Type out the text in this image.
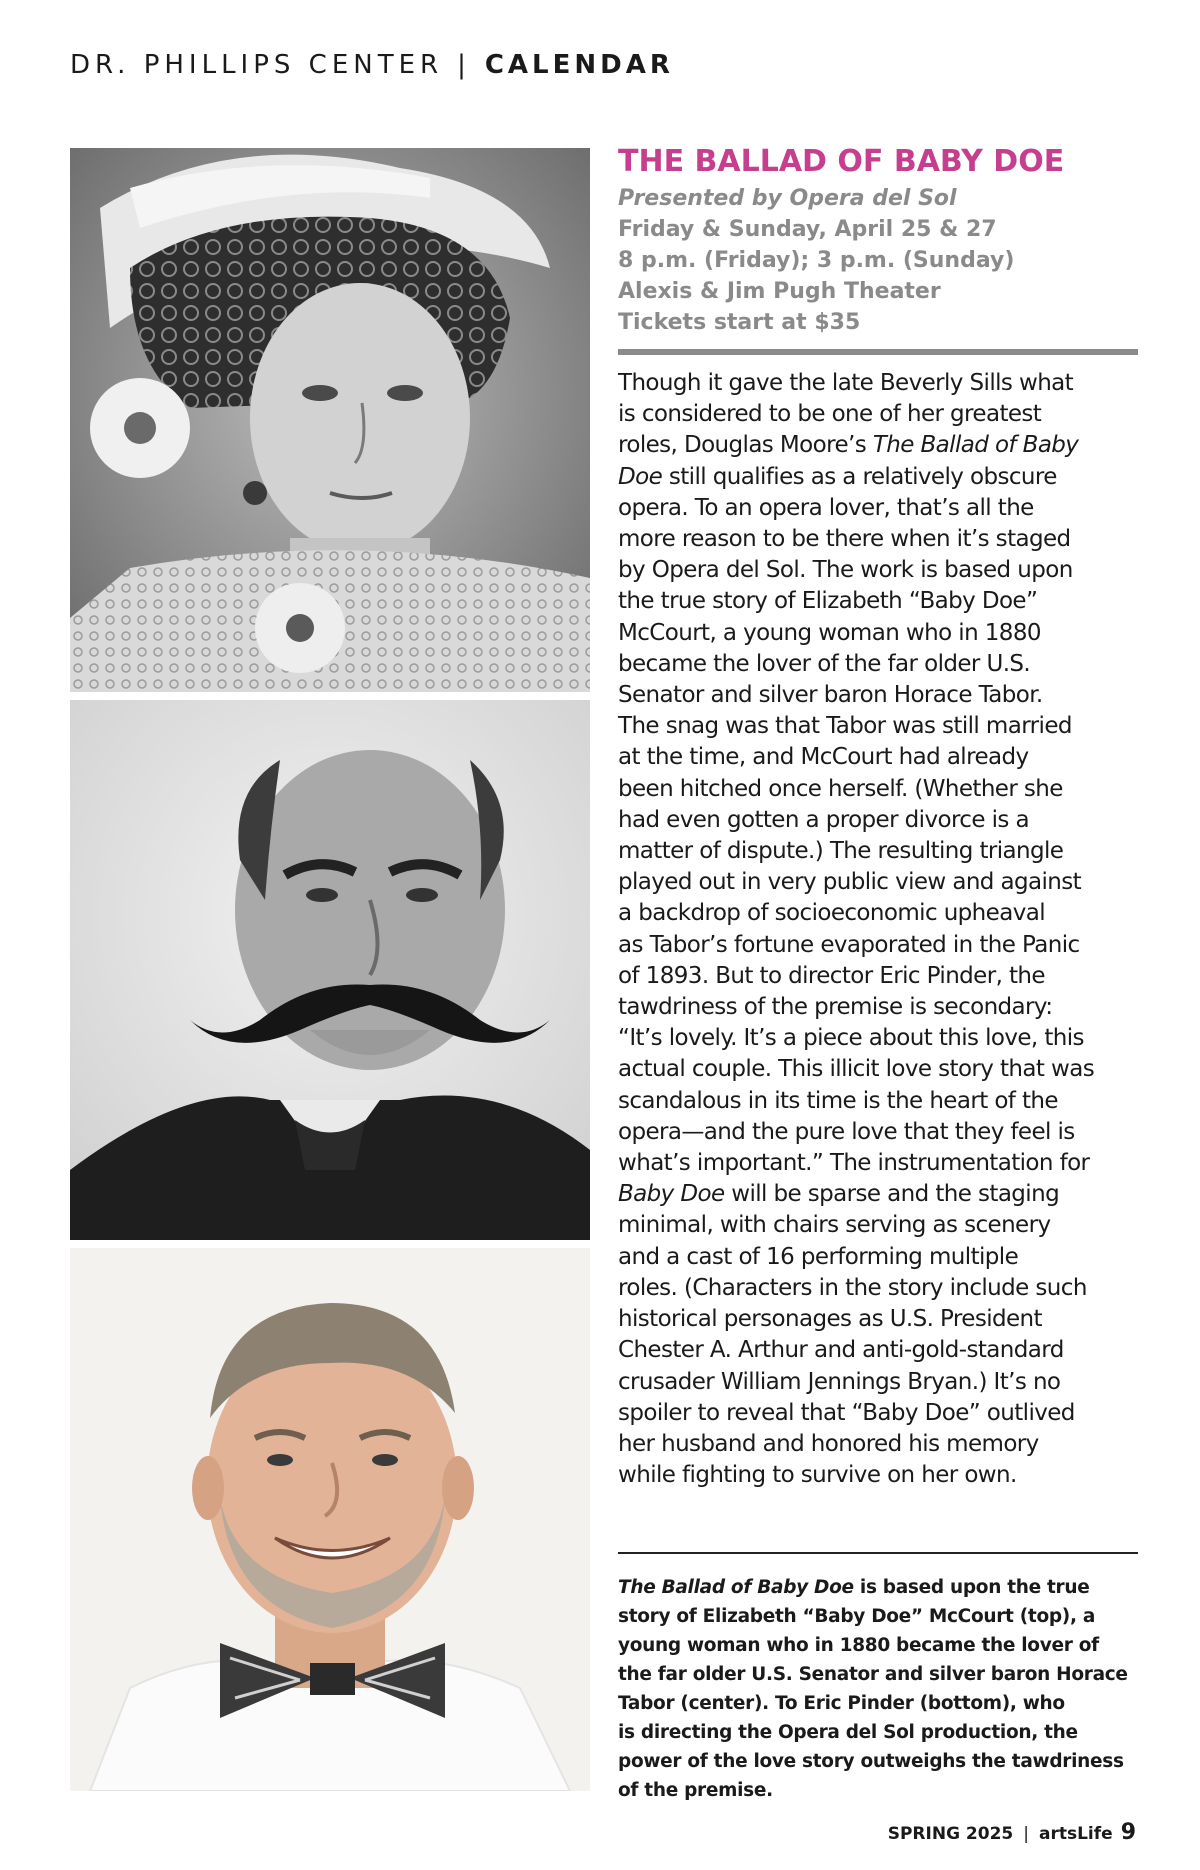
DR. PHILLIPS CENTER | CALENDAR
THE BALLAD OF BABY DOE
Presented by Opera del Sol
Friday & Sunday, April 25 & 27
8 p.m. (Friday); 3 p.m. (Sunday)
Alexis & Jim Pugh Theater
Tickets start at $35
Though it gave the late Beverly Sills what
is considered to be one of her greatest
roles, Douglas Moore’s The Ballad of Baby
Doe still qualifies as a relatively obscure
opera. To an opera lover, that’s all the
more reason to be there when it’s staged
by Opera del Sol. The work is based upon
the true story of Elizabeth “Baby Doe”
McCourt, a young woman who in 1880
became the lover of the far older U.S.
Senator and silver baron Horace Tabor.
The snag was that Tabor was still married
at the time, and McCourt had already
been hitched once herself. (Whether she
had even gotten a proper divorce is a
matter of dispute.) The resulting triangle
played out in very public view and against
a backdrop of socioeconomic upheaval
as Tabor’s fortune evaporated in the Panic
of 1893. But to director Eric Pinder, the
tawdriness of the premise is secondary:
“It’s lovely. It’s a piece about this love, this
actual couple. This illicit love story that was
scandalous in its time is the heart of the
opera—and the pure love that they feel is
what’s important.” The instrumentation for
Baby Doe will be sparse and the staging
minimal, with chairs serving as scenery
and a cast of 16 performing multiple
roles. (Characters in the story include such
historical personages as U.S. President
Chester A. Arthur and anti-gold-standard
crusader William Jennings Bryan.) It’s no
spoiler to reveal that “Baby Doe” outlived
her husband and honored his memory
while fighting to survive on her own.
The Ballad of Baby Doe is based upon the true
story of Elizabeth “Baby Doe” McCourt (top), a
young woman who in 1880 became the lover of
the far older U.S. Senator and silver baron Horace
Tabor (center). To Eric Pinder (bottom), who
is directing the Opera del Sol production, the
power of the love story outweighs the tawdriness
of the premise.
SPRING 2025 | artsLife 9
